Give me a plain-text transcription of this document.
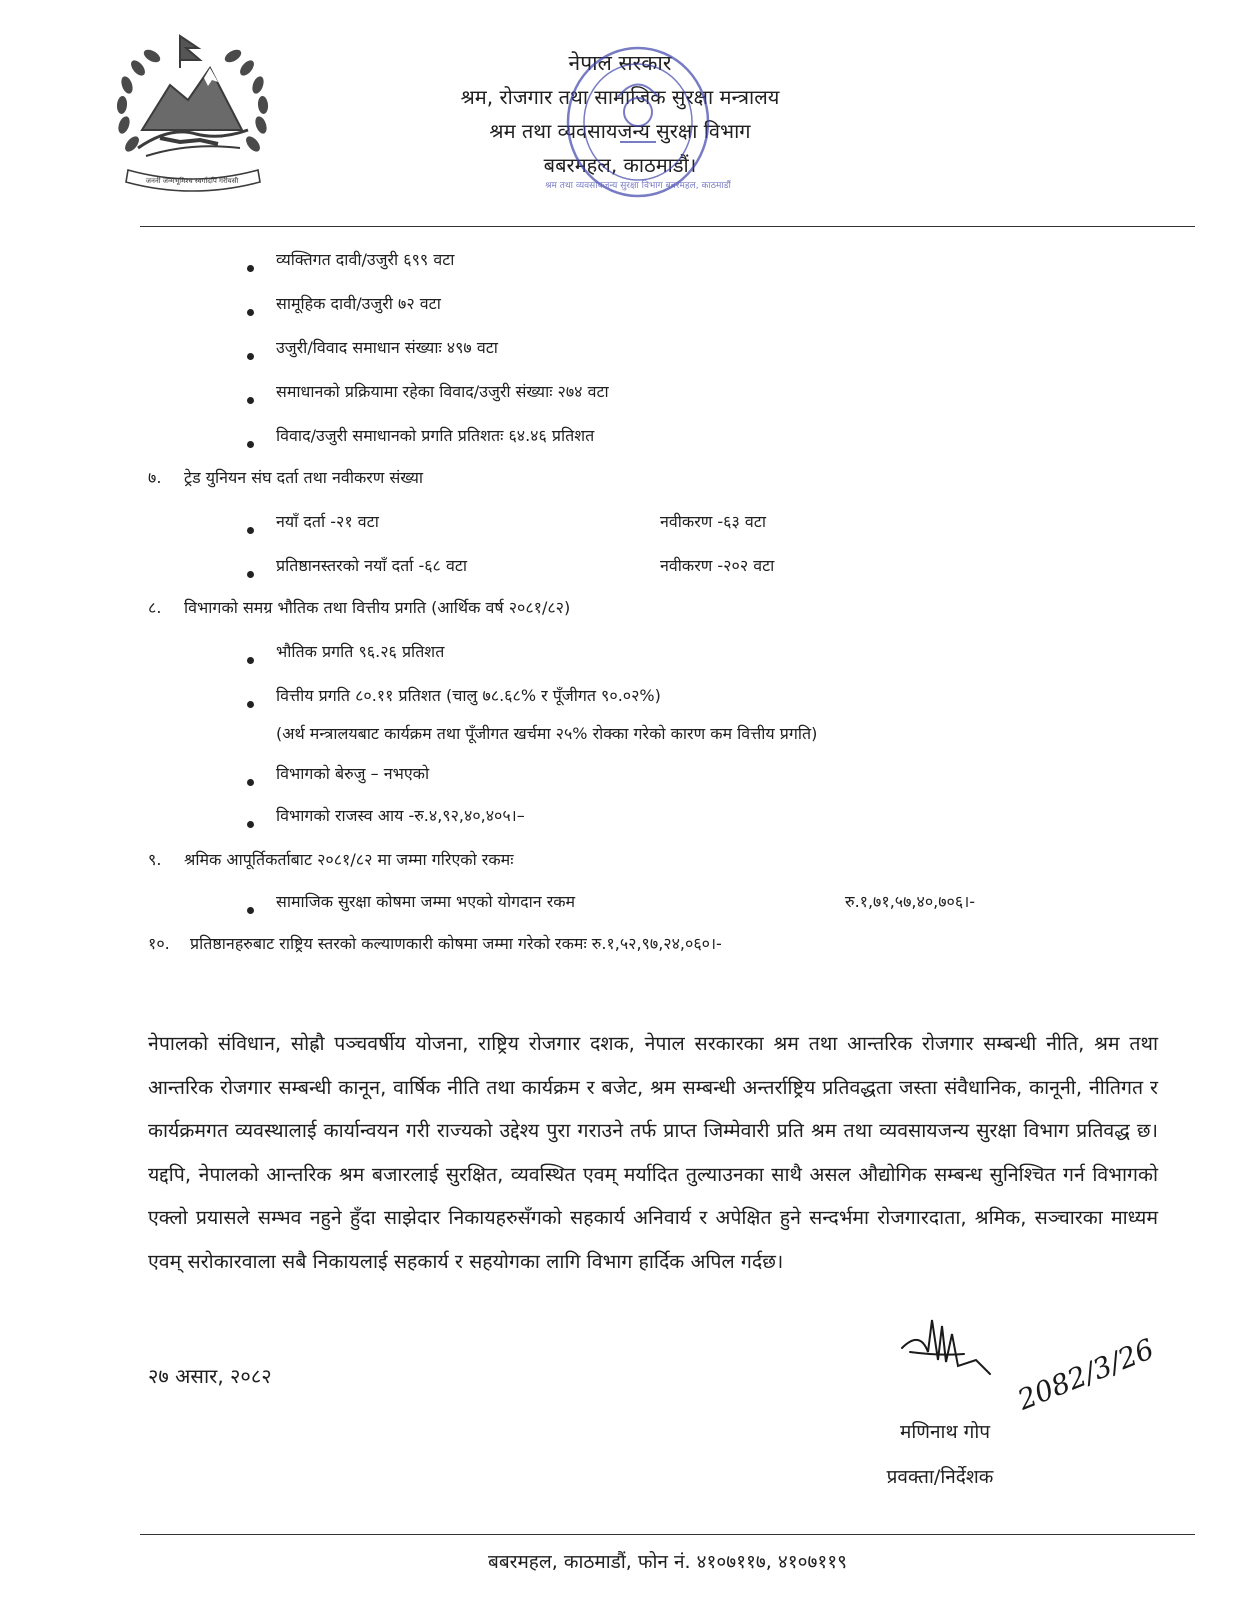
जननी जन्मभूमिश्च स्वर्गादपि गरीयसी
नेपाल सरकार
श्रम, रोजगार तथा सामाजिक सुरक्षा मन्त्रालय
श्रम तथा व्यवसायजन्य सुरक्षा विभाग
बबरमहल, काठमाडौं।
श्रम तथा व्यवसायजन्य सुरक्षा विभाग बबरमहल, काठमाडौं
व्यक्तिगत दावी/उजुरी ६९९ वटा
सामूहिक दावी/उजुरी ७२ वटा
उजुरी/विवाद समाधान संख्याः ४९७ वटा
समाधानको प्रक्रियामा रहेका विवाद/उजुरी संख्याः २७४ वटा
विवाद/उजुरी समाधानको प्रगति प्रतिशतः ६४.४६ प्रतिशत
७. ट्रेड युनियन संघ दर्ता तथा नवीकरण संख्या
नयाँ दर्ता -२१ वटा	नवीकरण -६३ वटा
प्रतिष्ठानस्तरको नयाँ दर्ता -६८ वटा	नवीकरण -२०२ वटा
८. विभागको समग्र भौतिक तथा वित्तीय प्रगति (आर्थिक वर्ष २०८१/८२)
भौतिक प्रगति ९६.२६ प्रतिशत
वित्तीय प्रगति ८०.११ प्रतिशत (चालु ७८.६८% र पूँजीगत ९०.०२%)
(अर्थ मन्त्रालयबाट कार्यक्रम तथा पूँजीगत खर्चमा २५% रोक्का गरेको कारण कम वित्तीय प्रगति)
विभागको बेरुजु – नभएको
विभागको राजस्व आय -रु.४,९२,४०,४०५।–
९. श्रमिक आपूर्तिकर्ताबाट २०८१/८२ मा जम्मा गरिएको रकमः
सामाजिक सुरक्षा कोषमा जम्मा भएको योगदान रकम	रु.१,७१,५७,४०,७०६।-
१०. प्रतिष्ठानहरुबाट राष्ट्रिय स्तरको कल्याणकारी कोषमा जम्मा गरेको रकमः रु.१,५२,९७,२४,०६०।-
नेपालको संविधान, सोह्रौ पञ्चवर्षीय योजना, राष्ट्रिय रोजगार दशक, नेपाल सरकारका श्रम तथा आन्तरिक रोजगार सम्बन्धी नीति, श्रम तथा आन्तरिक रोजगार सम्बन्धी कानून, वार्षिक नीति तथा कार्यक्रम र बजेट, श्रम सम्बन्धी अन्तर्राष्ट्रिय प्रतिवद्धता जस्ता संवैधानिक, कानूनी, नीतिगत र कार्यक्रमगत व्यवस्थालाई कार्यान्वयन गरी राज्यको उद्देश्य पुरा गराउने तर्फ प्राप्त जिम्मेवारी प्रति श्रम तथा व्यवसायजन्य सुरक्षा विभाग प्रतिवद्ध छ। यद्दपि, नेपालको आन्तरिक श्रम बजारलाई सुरक्षित, व्यवस्थित एवम् मर्यादित तुल्याउनका साथै असल औद्योगिक सम्बन्ध सुनिश्चित गर्न विभागको एक्लो प्रयासले सम्भव नहुने हुँदा साझेदार निकायहरुसँगको सहकार्य अनिवार्य र अपेक्षित हुने सन्दर्भमा रोजगारदाता, श्रमिक, सञ्चारका माध्यम एवम् सरोकारवाला सबै निकायलाई सहकार्य र सहयोगका लागि विभाग हार्दिक अपिल गर्दछ।
२७ असार, २०८२	2082/3/26
मणिनाथ गोप
प्रवक्ता/निर्देशक
बबरमहल, काठमाडौं, फोन नं. ४१०७११७, ४१०७११९
